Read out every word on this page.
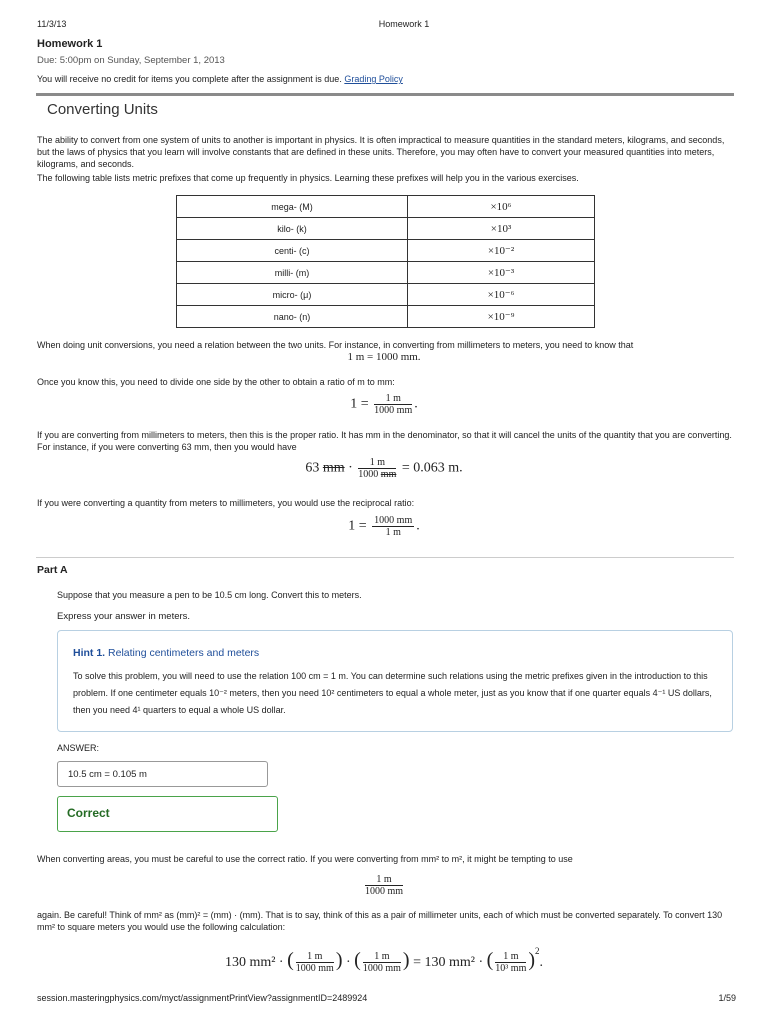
11/3/13	Homework 1
Homework 1
Due: 5:00pm on Sunday, September 1, 2013
You will receive no credit for items you complete after the assignment is due. Grading Policy
Converting Units
The ability to convert from one system of units to another is important in physics. It is often impractical to measure quantities in the standard meters, kilograms, and seconds, but the laws of physics that you learn will involve constants that are defined in these units. Therefore, you may often have to convert your measured quantities into meters, kilograms, and seconds.
The following table lists metric prefixes that come up frequently in physics. Learning these prefixes will help you in the various exercises.
mega- (M)	×10⁶
kilo- (k)	×10³
centi- (c)	×10⁻²
milli- (m)	×10⁻³
micro- (μ)	×10⁻⁶
nano- (n)	×10⁻⁹
When doing unit conversions, you need a relation between the two units. For instance, in converting from millimeters to meters, you need to know that
1 m = 1000 mm.
Once you know this, you need to divide one side by the other to obtain a ratio of m to mm:
$1 = \frac{1 m}{1000 mm}$ .
If you are converting from millimeters to meters, then this is the proper ratio. It has mm in the denominator, so that it will cancel the units of the quantity that you are converting. For instance, if you were converting 63 mm, then you would have
63 mm · $\frac{1 m}{1000 mm} = 0.063$ m.
If you were converting a quantity from meters to millimeters, you would use the reciprocal ratio:
$1 = \frac{1000 mm}{1 m}$ .
Part A
Suppose that you measure a pen to be 10.5 cm long. Convert this to meters.
Express your answer in meters.
Hint 1. Relating centimeters and meters
To solve this problem, you will need to use the relation 100 cm = 1 m. You can determine such relations using the metric prefixes given in the introduction to this problem. If one centimeter equals 10⁻² meters, then you need 10² centimeters to equal a whole meter, just as you know that if one quarter equals 4⁻¹ US dollars, then you need 4¹ quarters to equal a whole US dollar.
ANSWER:
10.5 cm = 0.105 m
Correct
When converting areas, you must be careful to use the correct ratio. If you were converting from mm² to m², it might be tempting to use
$\frac{1 m}{1000 mm}$
again. Be careful! Think of mm² as (mm)² = (mm) · (mm). That is to say, think of this as a pair of millimeter units, each of which must be converted separately. To convert 130 mm² to square meters you would use the following calculation:
130 mm² · ( $\frac{1 m}{1000 mm}$ ) · ( $\frac{1 m}{1000 mm}$ ) = 130 mm² · ( $\frac{1 m}{\text{10³ mm}} )^2$.
session.masteringphysics.com/myct/assignmentPrintView?assignmentID=2489924	1/59
